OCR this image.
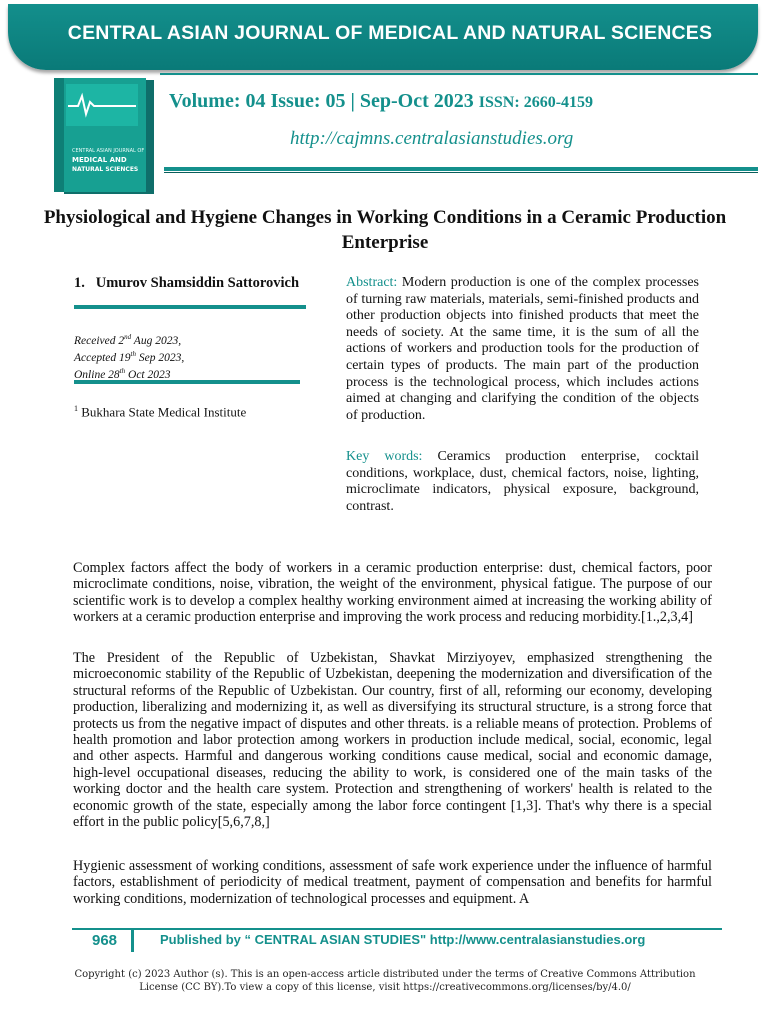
CENTRAL ASIAN JOURNAL OF MEDICAL AND NATURAL SCIENCES
CENTRAL ASIAN JOURNAL OF
MEDICAL AND
NATURAL SCIENCES
Volume: 04 Issue: 05 | Sep-Oct 2023 ISSN: 2660-4159
http://cajmns.centralasianstudies.org
Physiological and Hygiene Changes in Working Conditions in a Ceramic Production Enterprise
1.   Umurov Shamsiddin Sattorovich
Received 2nd Aug 2023,
Accepted 19th Sep 2023,
Online 28th Oct 2023
$^1$ Bukhara State Medical Institute
Abstract: Modern production is one of the complex processes of turning raw materials, materials, semi-finished products and other production objects into finished products that meet the needs of society. At the same time, it is the sum of all the actions of workers and production tools for the production of certain types of products. The main part of the production process is the technological process, which includes actions aimed at changing and clarifying the condition of the objects of production.
Key words: Ceramics production enterprise, cocktail conditions, workplace, dust, chemical factors, noise, lighting, microclimate indicators, physical exposure, background, contrast.
Complex factors affect the body of workers in a ceramic production enterprise: dust, chemical factors, poor microclimate conditions, noise, vibration, the weight of the environment, physical fatigue. The purpose of our scientific work is to develop a complex healthy working environment aimed at increasing the working ability of workers at a ceramic production enterprise and improving the work process and reducing morbidity.[1.,2,3,4]
The President of the Republic of Uzbekistan, Shavkat Mirziyoyev, emphasized strengthening the microeconomic stability of the Republic of Uzbekistan, deepening the modernization and diversification of the structural reforms of the Republic of Uzbekistan. Our country, first of all, reforming our economy, developing production, liberalizing and modernizing it, as well as diversifying its structural structure, is a strong force that protects us from the negative impact of disputes and other threats. is a reliable means of protection. Problems of health promotion and labor protection among workers in production include medical, social, economic, legal and other aspects. Harmful and dangerous working conditions cause medical, social and economic damage, high-level occupational diseases, reducing the ability to work, is considered one of the main tasks of the working doctor and the health care system. Protection and strengthening of workers' health is related to the economic growth of the state, especially among the labor force contingent [1,3]. That's why there is a special effort in the public policy[5,6,7,8,]
Hygienic assessment of working conditions, assessment of safe work experience under the influence of harmful factors, establishment of periodicity of medical treatment, payment of compensation and benefits for harmful working conditions, modernization of technological processes and equipment. A
968	Published by “ CENTRAL ASIAN STUDIES" http://www.centralasianstudies.org
Copyright (c) 2023 Author (s). This is an open-access article distributed under the terms of Creative Commons Attribution License (CC BY).To view a copy of this license, visit https://creativecommons.org/licenses/by/4.0/
